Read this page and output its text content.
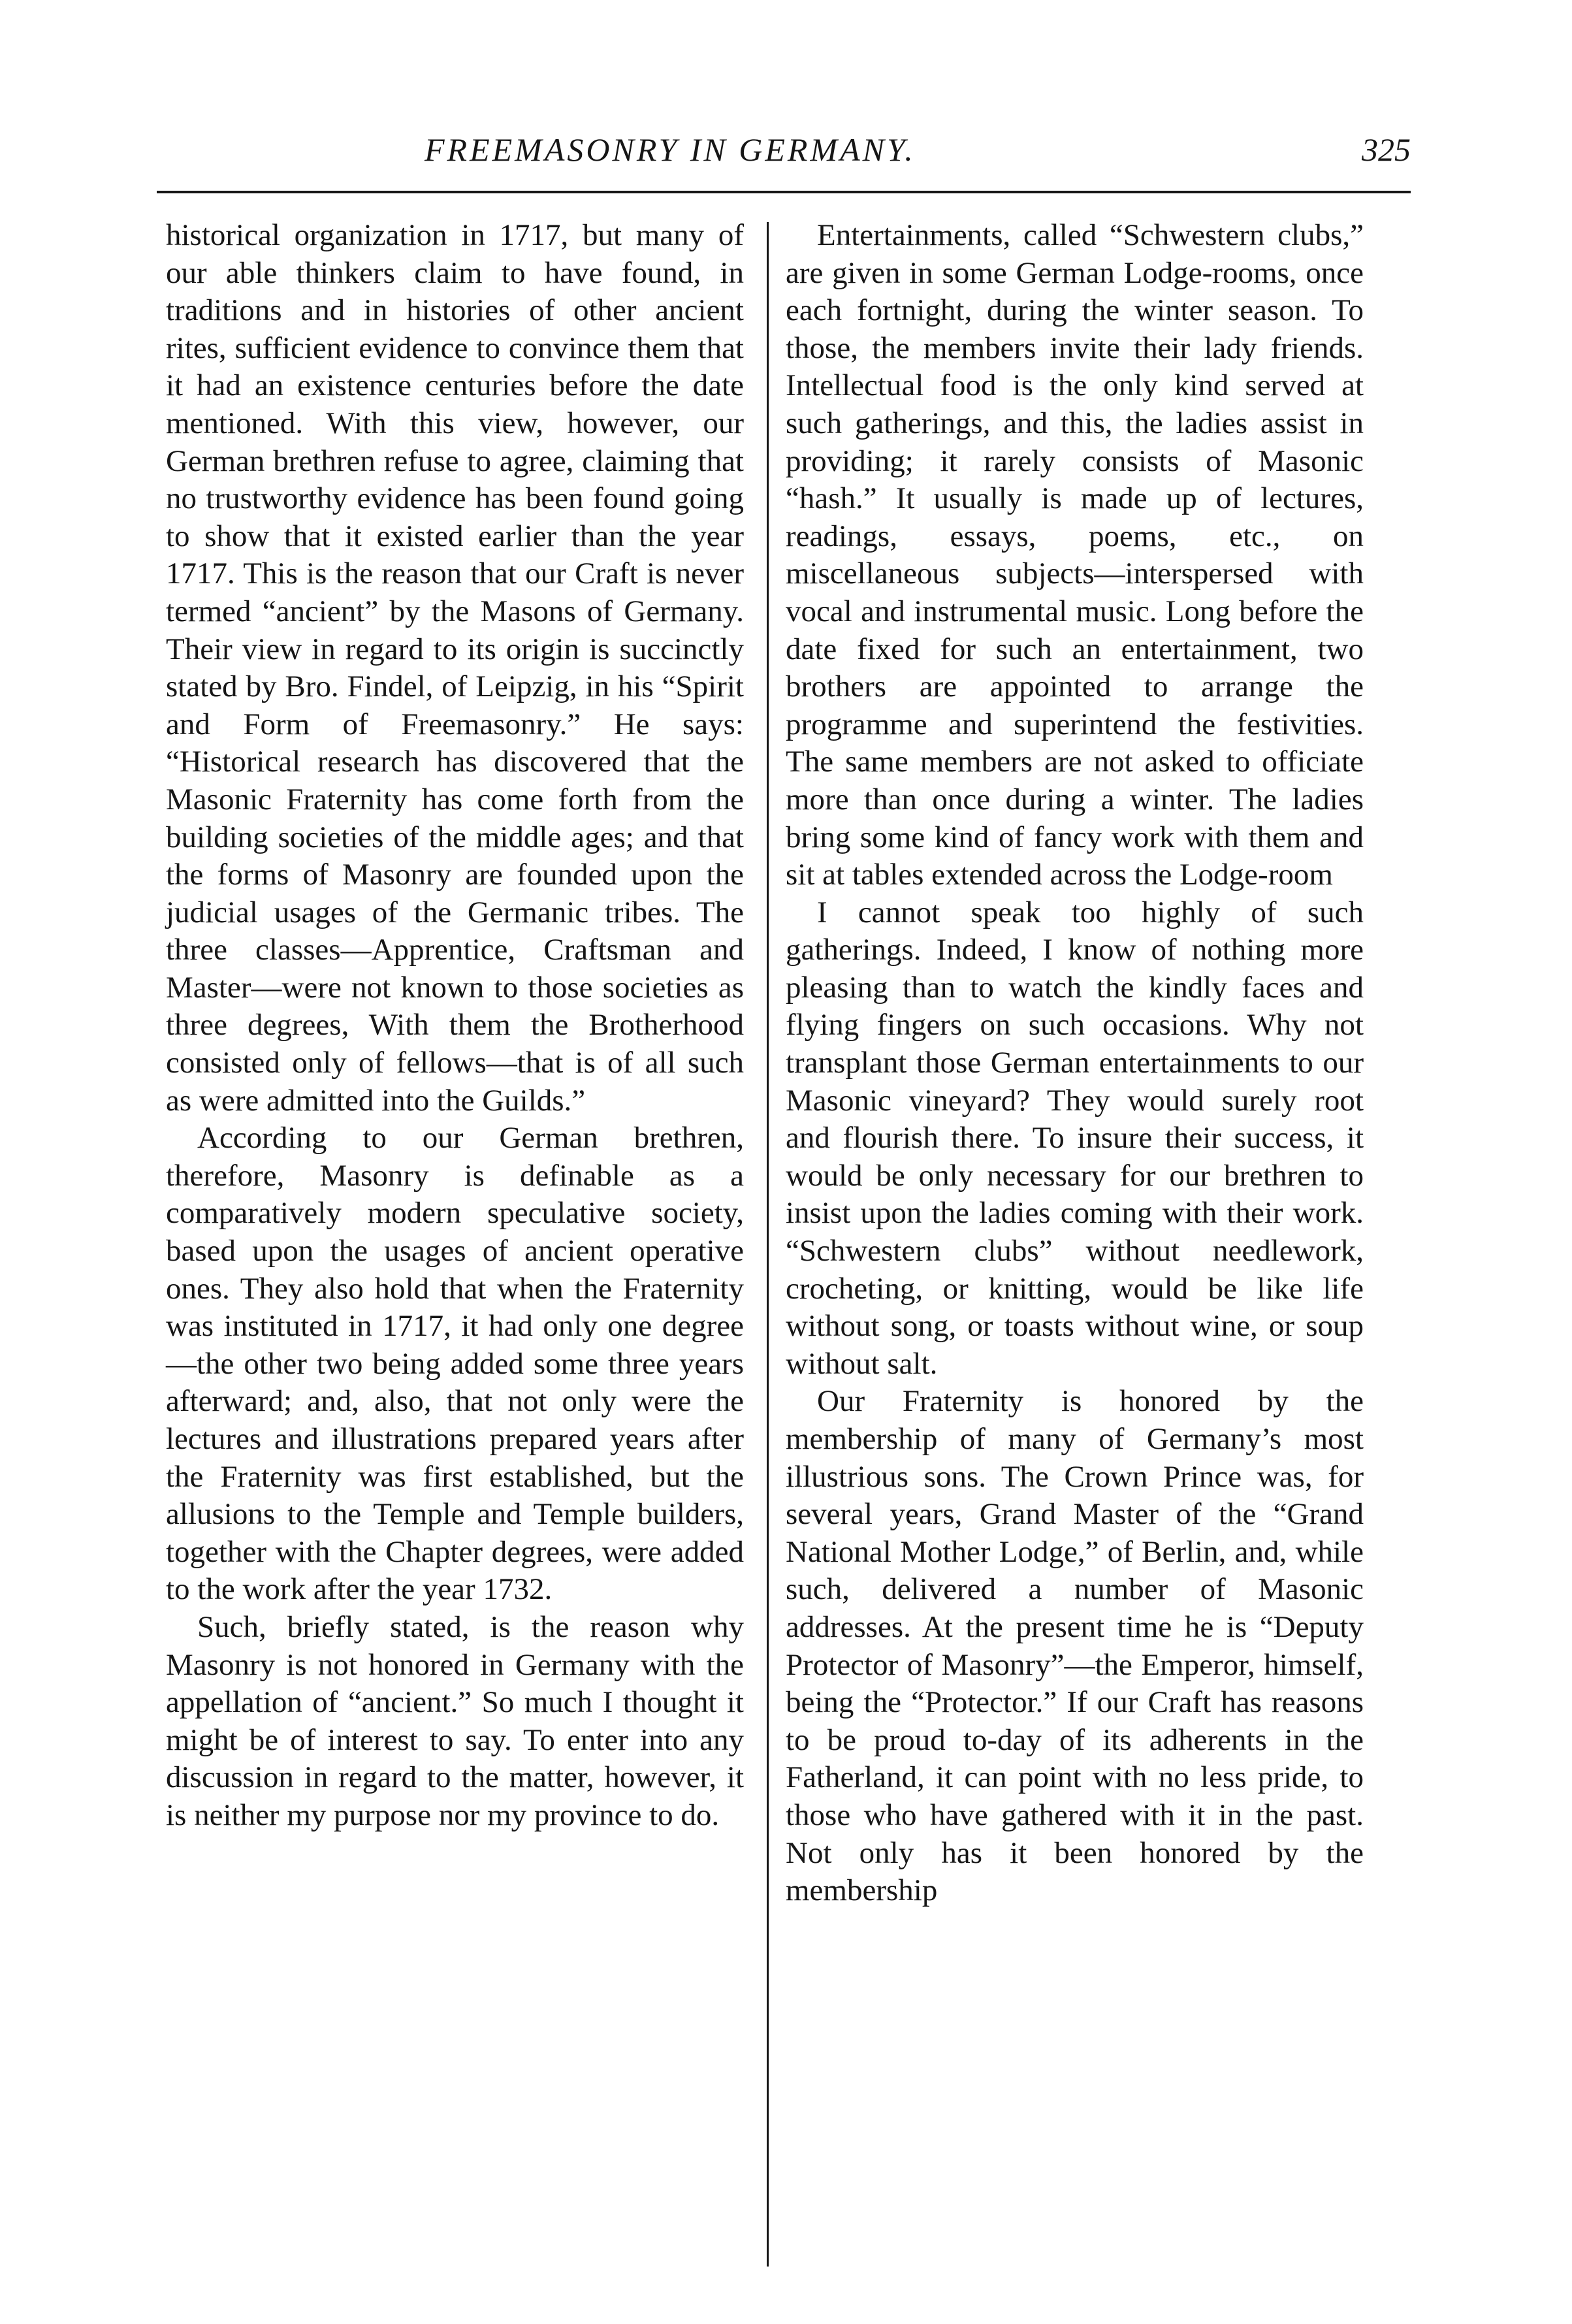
FREEMASONRY IN GERMANY.	325

historical organization in 1717, but many of our able thinkers claim to have found, in traditions and in histories of other ancient rites, sufficient evidence to convince them that it had an existence centuries before the date mentioned. With this view, however, our German brethren refuse to agree, claiming that no trustworthy evidence has been found going to show that it existed earlier than the year 1717. This is the reason that our Craft is never termed “ancient” by the Masons of Germany. Their view in regard to its origin is succinctly stated by Bro. Findel, of Leipzig, in his “Spirit and Form of Freemasonry.” He says: “Historical research has discovered that the Masonic Fraternity has come forth from the building societies of the middle ages; and that the forms of Masonry are founded upon the judicial usages of the Germanic tribes. The three classes—Apprentice, Craftsman and Master—were not known to those societies as three degrees, With them the Brotherhood consisted only of fellows—that is of all such as were admitted into the Guilds.”

According to our German brethren, therefore, Masonry is definable as a comparatively modern speculative society, based upon the usages of ancient operative ones. They also hold that when the Fraternity was instituted in 1717, it had only one degree—the other two being added some three years afterward; and, also, that not only were the lectures and illustrations prepared years after the Fraternity was first established, but the allusions to the Temple and Temple builders, together with the Chapter degrees, were added to the work after the year 1732.

Such, briefly stated, is the reason why Masonry is not honored in Germany with the appellation of “ancient.” So much I thought it might be of interest to say. To enter into any discussion in regard to the matter, however, it is neither my purpose nor my province to do.

Entertainments, called “Schwestern clubs,” are given in some German Lodge-rooms, once each fortnight, during the winter season. To those, the members invite their lady friends. Intellectual food is the only kind served at such gatherings, and this, the ladies assist in providing; it rarely consists of Masonic “hash.” It usually is made up of lectures, readings, essays, poems, etc., on miscellaneous subjects—interspersed with vocal and instrumental music. Long before the date fixed for such an entertainment, two brothers are appointed to arrange the programme and superintend the festivities. The same members are not asked to officiate more than once during a winter. The ladies bring some kind of fancy work with them and sit at tables extended across the Lodge-room

I cannot speak too highly of such gatherings. Indeed, I know of nothing more pleasing than to watch the kindly faces and flying fingers on such occasions. Why not transplant those German entertainments to our Masonic vineyard? They would surely root and flourish there. To insure their success, it would be only necessary for our brethren to insist upon the ladies coming with their work. “Schwestern clubs” without needlework, crocheting, or knitting, would be like life without song, or toasts without wine, or soup without salt.

Our Fraternity is honored by the membership of many of Germany’s most illustrious sons. The Crown Prince was, for several years, Grand Master of the “Grand National Mother Lodge,” of Berlin, and, while such, delivered a number of Masonic addresses. At the present time he is “Deputy Protector of Masonry”—the Emperor, himself, being the “Protector.” If our Craft has reasons to be proud to-day of its adherents in the Fatherland, it can point with no less pride, to those who have gathered with it in the past. Not only has it been honored by the membership
